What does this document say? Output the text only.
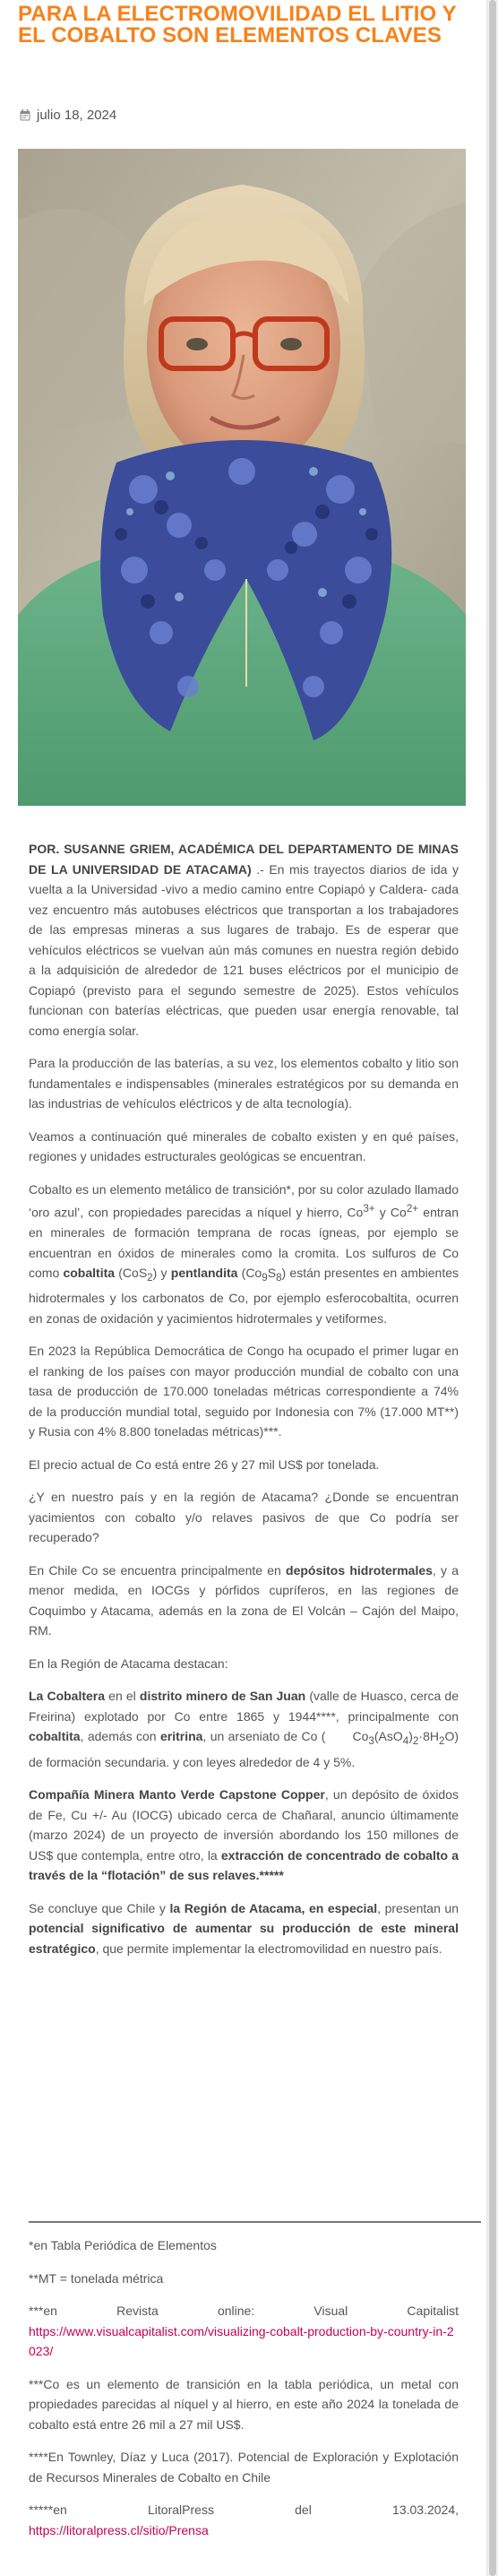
PARA LA ELECTROMOVILIDAD EL LITIO Y EL COBALTO SON ELEMENTOS CLAVES
julio 18, 2024

POR. SUSANNE GRIEM, ACADÉMICA DEL DEPARTAMENTO DE MINAS DE LA UNIVERSIDAD DE ATACAMA) .- En mis trayectos diarios de ida y vuelta a la Universidad -vivo a medio camino entre Copiapó y Caldera- cada vez encuentro más autobuses eléctricos que transportan a los trabajadores de las empresas mineras a sus lugares de trabajo. Es de esperar que vehículos eléctricos se vuelvan aún más comunes en nuestra región debido a la adquisición de alrededor de 121 buses eléctricos por el municipio de Copiapó (previsto para el segundo semestre de 2025). Estos vehículos funcionan con baterías eléctricas, que pueden usar energía renovable, tal como energía solar.

Para la producción de las baterías, a su vez, los elementos cobalto y litio son fundamentales e indispensables (minerales estratégicos por su demanda en las industrias de vehículos eléctricos y de alta tecnología).

Veamos a continuación qué minerales de cobalto existen y en qué países, regiones y unidades estructurales geológicas se encuentran.

Cobalto es un elemento metálico de transición*, por su color azulado llamado ‘oro azul’, con propiedades parecidas a níquel y hierro, $Co^{3+}$ y $Co^{2+}$ entran en minerales de formación temprana de rocas ígneas, por ejemplo se encuentran en óxidos de minerales como la cromita. Los sulfuros de Co como cobaltita (CoS$_2$) y pentlandita $(Co_9S_8)$ están presentes en ambientes hidrotermales y los carbonatos de Co, por ejemplo esferocobaltita, ocurren en zonas de oxidación y yacimientos hidrotermales y vetiformes.

En 2023 la República Democrática de Congo ha ocupado el primer lugar en el ranking de los países con mayor producción mundial de cobalto con una tasa de producción de 170.000 toneladas métricas correspondiente a 74% de la producción mundial total, seguido por Indonesia con 7% (17.000 MT**) y Rusia con 4% 8.800 toneladas métricas)***.

El precio actual de Co está entre 26 y 27 mil US$ por tonelada.

¿Y en nuestro país y en la región de Atacama? ¿Donde se encuentran yacimientos con cobalto y/o relaves pasivos de que Co podría ser recuperado?

En Chile Co se encuentra principalmente en depósitos hidrotermales, y a menor medida, en IOCGs y pórfidos cupríferos, en las regiones de Coquimbo y Atacama, además en la zona de El Volcán – Cajón del Maipo, RM.

En la Región de Atacama destacan:

La Cobaltera en el distrito minero de San Juan (valle de Huasco, cerca de Freirina) explotado por Co entre 1865 y 1944****, principalmente con cobaltita, además con eritrina, un arseniato de Co ( $Co_3(AsO_4)_2\cdot 8H_2O$) de formación secundaria. y con leyes alrededor de 4 y 5%.

Compañía Minera Manto Verde Capstone Copper, un depósito de óxidos de Fe, Cu +/- Au (IOCG) ubicado cerca de Chañaral, anuncio últimamente (marzo 2024) de un proyecto de inversión abordando los 150 millones de US$ que contempla, entre otro, la extracción de concentrado de cobalto a través de la “flotación” de sus relaves.*****

Se concluye que Chile y la Región de Atacama, en especial, presentan un potencial significativo de aumentar su producción de este mineral estratégico, que permite implementar la electromovilidad en nuestro país.

*en Tabla Periódica de Elementos

**MT = tonelada métrica

***en Revista online: Visual Capitalist
https://www.visualcapitalist.com/visualizing-cobalt-production-by-country-in-2023/

***Co es un elemento de transición en la tabla periódica, un metal con propiedades parecidas al níquel y al hierro, en este año 2024 la tonelada de cobalto está entre 26 mil a 27 mil US$.

****En Townley, Díaz y Luca (2017). Potencial de Exploración y Explotación de Recursos Minerales de Cobalto en Chile

*****en LitoralPress del 13.03.2024,
https://litoralpress.cl/sitio/Prensa
